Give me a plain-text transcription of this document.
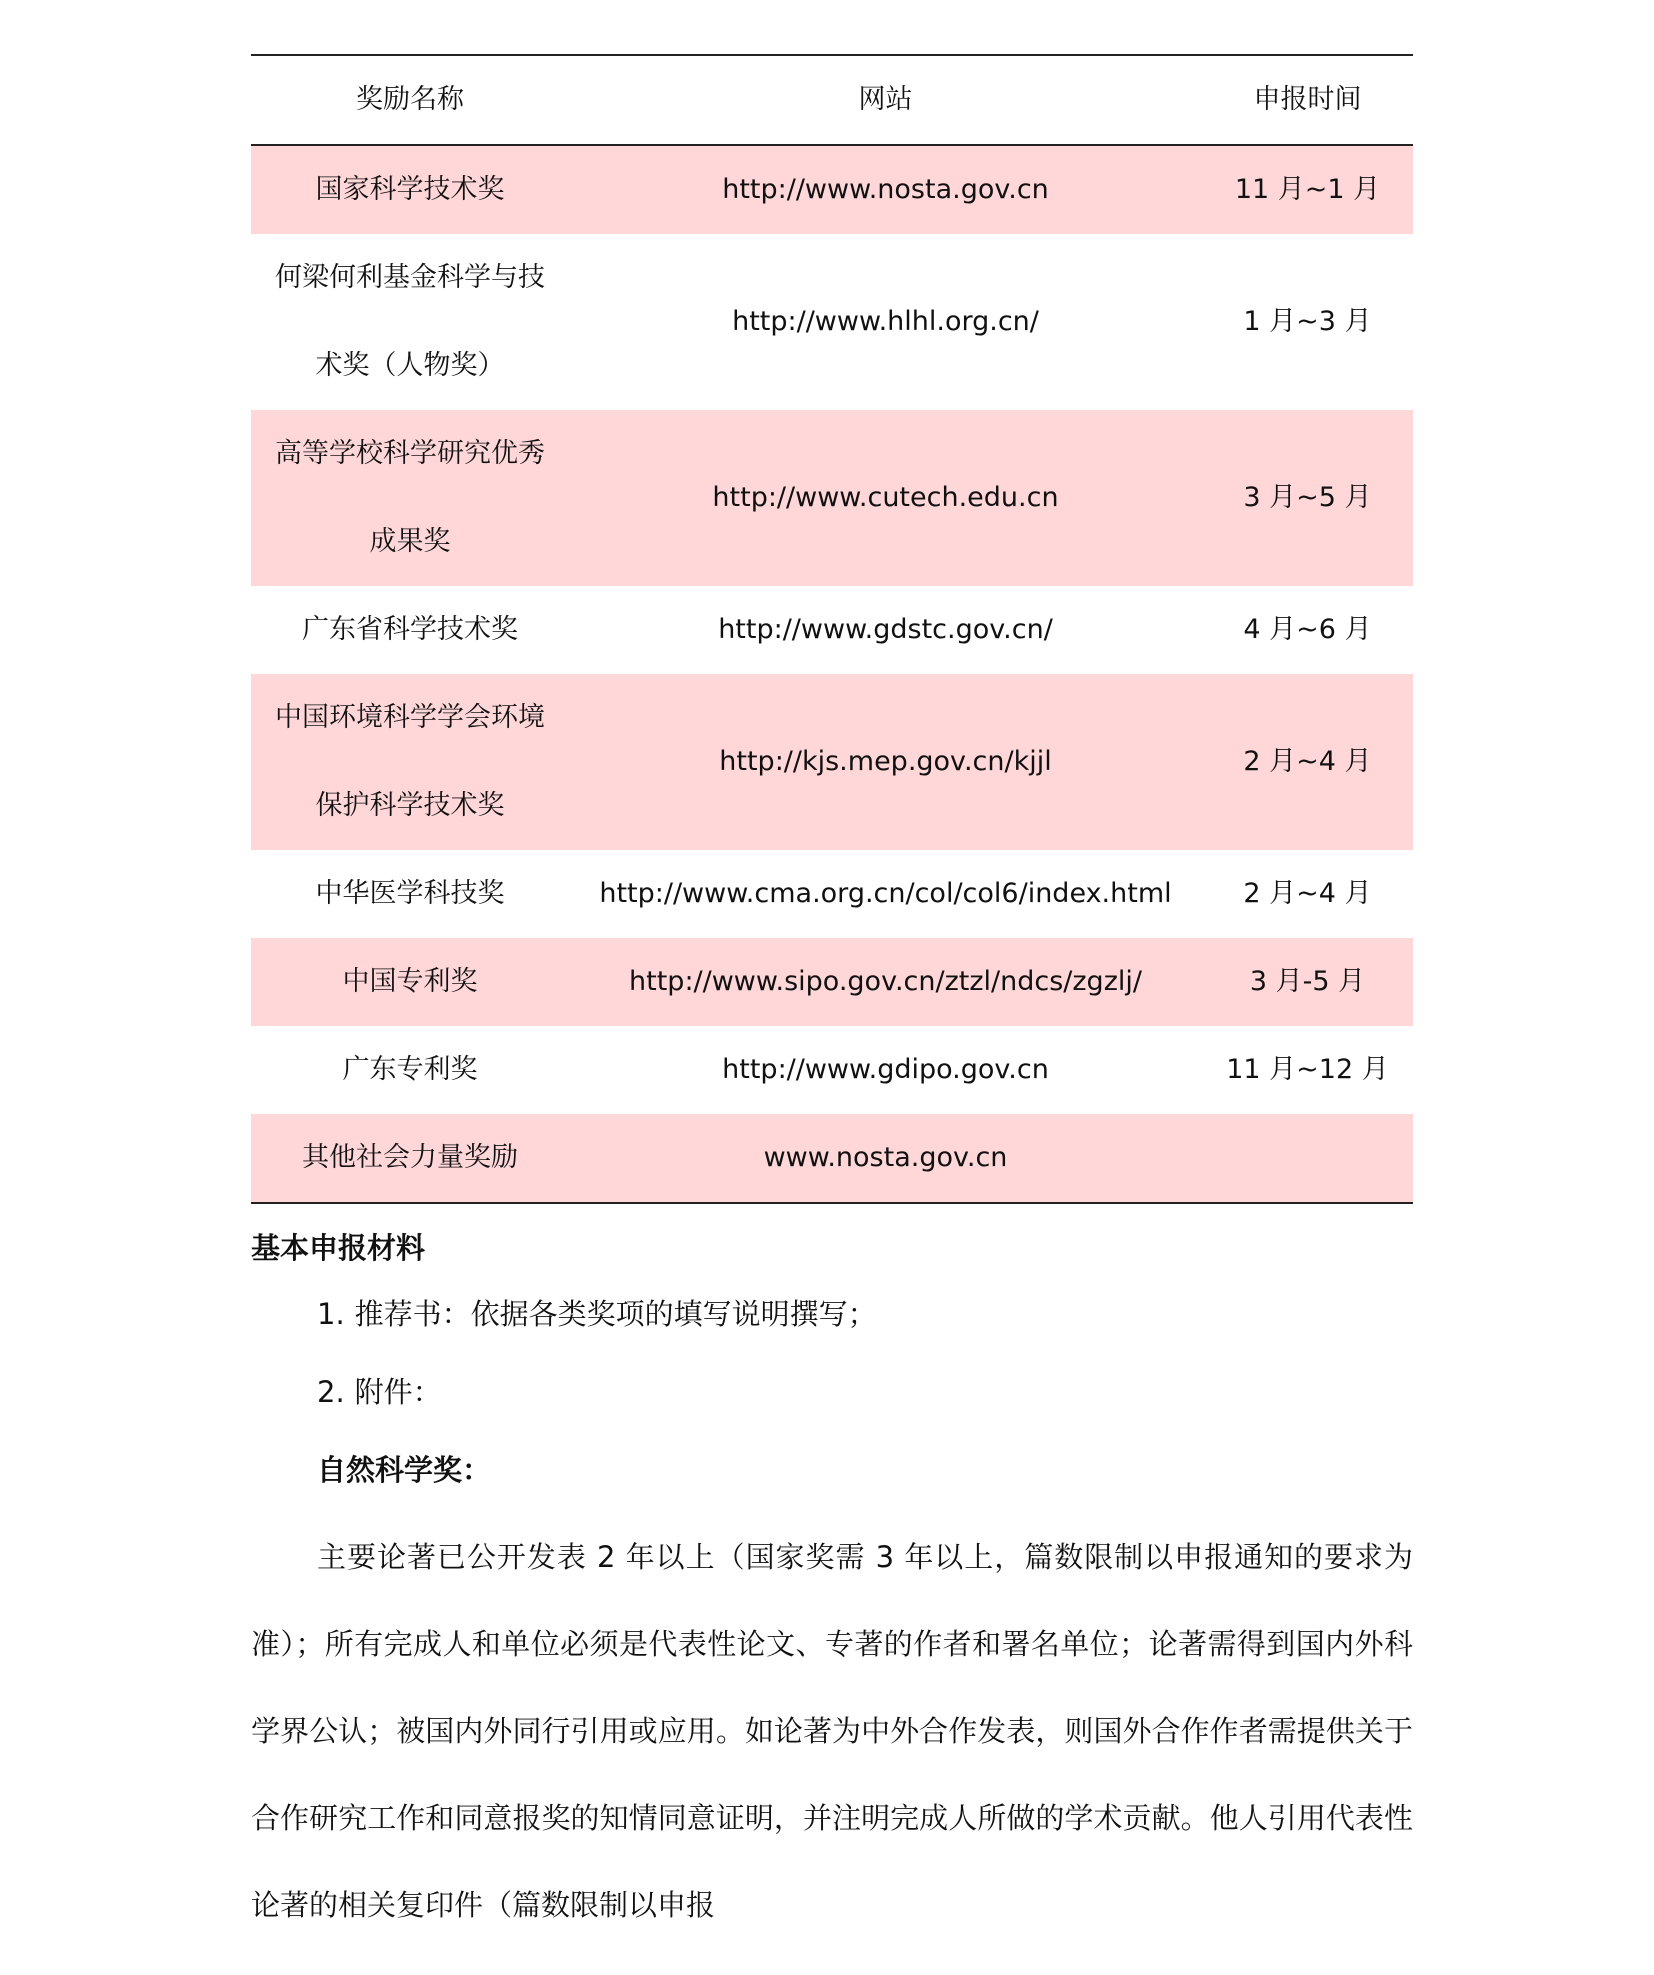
奖励名称	网站	申报时间
国家科学技术奖	http://www.nosta.gov.cn	11 月~1 月
何梁何利基金科学与技术奖（人物奖）	http://www.hlhl.org.cn/	1 月~3 月
高等学校科学研究优秀成果奖	http://www.cutech.edu.cn	3 月~5 月
广东省科学技术奖	http://www.gdstc.gov.cn/	4 月~6 月
中国环境科学学会环境保护科学技术奖	http://kjs.mep.gov.cn/kjjl	2 月~4 月
中华医学科技奖	http://www.cma.org.cn/col/col6/index.html	2 月~4 月
中国专利奖	http://www.sipo.gov.cn/ztzl/ndcs/zgzlj/	3 月-5 月
广东专利奖	http://www.gdipo.gov.cn	11 月~12 月
其他社会力量奖励	www.nosta.gov.cn	
基本申报材料
1. 推荐书：依据各类奖项的填写说明撰写；
2. 附件：
自然科学奖：

主要论著已公开发表 2 年以上（国家奖需 3 年以上，篇数限制以申报通知的要求为准）；所有完成人和单位必须是代表性论文、专著的作者和署名单位；论著需得到国内外科学界公认；被国内外同行引用或应用。如论著为中外合作发表，则国外合作作者需提供关于合作研究工作和同意报奖的知情同意证明，并注明完成人所做的学术贡献。他人引用代表性论著的相关复印件（篇数限制以申报
